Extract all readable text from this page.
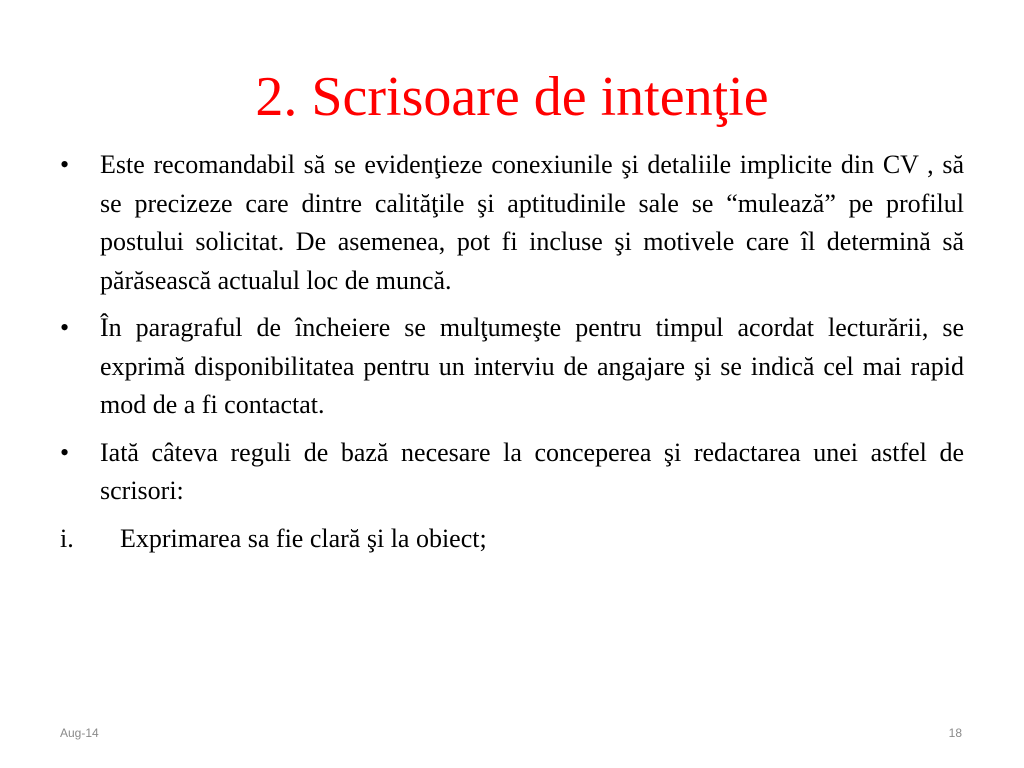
2. Scrisoare de intenţie
•	Este recomandabil să se evidenţieze conexiunile şi detaliile implicite din CV , să se precizeze care dintre calităţile şi aptitudinile sale se “mulează” pe profilul postului solicitat. De asemenea, pot fi incluse şi motivele care îl determină să părăsească actualul loc de muncă.
•	În paragraful de încheiere se mulţumeşte pentru timpul acordat lecturării, se exprimă disponibilitatea pentru un interviu de angajare şi se indică cel mai rapid mod de a fi contactat.
•	Iată câteva reguli de bază necesare la conceperea şi redactarea unei astfel de scrisori:
i. Exprimarea sa fie clară şi la obiect;
Aug-14	18
